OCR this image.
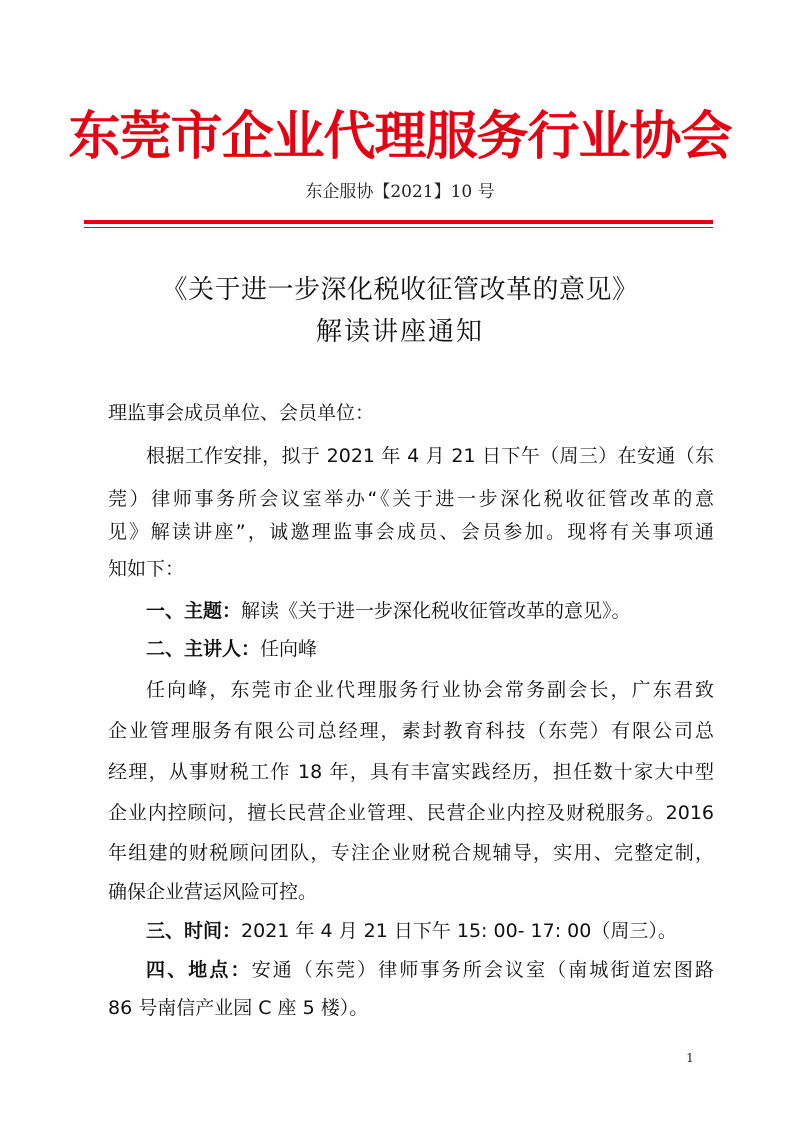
东莞市企业代理服务行业协会
东企服协【2021】10 号
《关于进一步深化税收征管改革的意见》
解读讲座通知
理监事会成员单位、会员单位：
根据工作安排，拟于 2021 年 4 月 21 日下午（周三）在安通（东
莞）律师事务所会议室举办“《关于进一步深化税收征管改革的意
见》解读讲座”，诚邀理监事会成员、会员参加。现将有关事项通
知如下：
一、主题：解读《关于进一步深化税收征管改革的意见》。
二、主讲人：任向峰
任向峰，东莞市企业代理服务行业协会常务副会长，广东君致
企业管理服务有限公司总经理，素封教育科技（东莞）有限公司总
经理，从事财税工作 18 年，具有丰富实践经历，担任数十家大中型
企业内控顾问，擅长民营企业管理、民营企业内控及财税服务。2016
年组建的财税顾问团队，专注企业财税合规辅导，实用、完整定制，
确保企业营运风险可控。
三、时间：2021 年 4 月 21 日下午 15: 00- 17: 00（周三）。
四、地点：安通（东莞）律师事务所会议室（南城街道宏图路
86 号南信产业园 C 座 5 楼）。
1
